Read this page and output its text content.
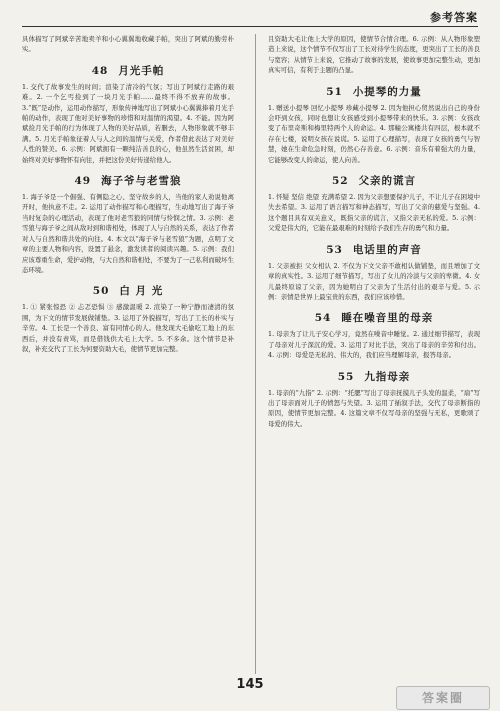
参考答案

具体描写了阿斌辛苦地卖羊和小心翼翼地收藏手帕，突出了阿斌的勤劳朴实。

48 月光手帕

1. 交代了故事发生的时间；渲染了清冷的气氛；写出了阿斌行走路的艰难。2. 一个乞丐捡到了一块月光手帕……最终不得不放弃的故事。3.“既”是动作，运用动作描写，形象传神地写出了阿斌小心翼翼捧着月光手帕的动作，表现了他对美好事物的珍惜和对温情的渴望。4. 不能。因为阿斌捡月光手帕的行为体现了人物的美好品质，若删去，人物形象就不够丰满。5. 月光手帕象征着人与人之间的温情与关爱，作者借此表达了对美好人性的赞美。6. 示例：阿斌拥有一颗纯洁善良的心，他虽然生活贫困，却始终对美好事物怀有向往，并把这份美好传递给他人。

49 海子爷与老雪狼

1. 海子爷是一个倔强、有侧隐之心、坚守故乡的人，当他的家人劝说他离开时，他执意不走。2. 运用了动作描写和心理描写，生动地写出了海子爷当时复杂的心理活动，表现了他对老雪狼的同情与怜悯之情。3. 示例：老雪狼与海子爷之间从敌对到和谐相处，体现了人与自然的关系，表达了作者对人与自然和谐共处的向往。4. 本文以“海子爷与老雪狼”为题，点明了文章的主要人物和内容，设置了悬念，激发读者的阅读兴趣。5. 示例：我们应该尊重生命，爱护动物，与大自然和谐相处，不要为了一己私利而破坏生态环境。

50 白 月 光

1. ① 紧张惊恐 ② 忐忑恐惧 ③ 感激温暖 2. 渲染了一种宁静而凄清的氛围，为下文的情节发展做铺垫。3. 运用了外貌描写，写出了工长的朴实与辛劳。4. 工长是一个善良、富有同情心的人。他发现大毛偷吃工地上的东西后，并没有责骂，而是借钱供大毛上大学。5. 不多余。这个情节是补叙，补充交代了工长为何要资助大毛，使情节更加完整。

且资助大毛让他上大学的原因，使情节合情合理。6. 示例：从人物形象塑造上来说，这个情节不仅写出了工长对待学生的态度，更突出了工长的善良与宽容；从情节上来说，它推动了故事的发展，使故事更加完整生动，更加真实可信，有利于主题的凸显。

51 小提琴的力量

1. 赠送小提琴 回忆小提琴 珍藏小提琴 2. 因为他担心贸然说出自己的身份会吓到女孩，同时也想让女孩感受到小提琴带来的快乐。3. 示例：女孩改变了布里奇斯和梅里特两个人的命运。4. 那幢公寓楼共有四层，根本就不存在七楼，说明女孩在说谎。5. 运用了心理描写，表现了女孩的勇气与智慧，她在生命危急时刻，仍然心存善意。6. 示例：音乐有着强大的力量，它能够改变人的命运，使人向善。

52 父亲的谎言

1. 怀疑 坚信 绝望 充满希望 2. 因为父亲想要保护儿子，不让儿子在困境中失去希望。3. 运用了语言描写和神态描写，写出了父亲的慈爱与坚强。4. 这个题目具有双关意义，既指父亲的谎言，又指父亲无私的爱。5. 示例：父爱是伟大的，它能在最艰难的时刻给予我们生存的勇气和力量。

53 电话里的声音

1. 父亲被拒 父女相认 2. 不仅为下文父亲不敢相认做铺垫，而且增加了文章的真实性。3. 运用了细节描写，写出了女儿的冷淡与父亲的卑微。4. 女儿最终原谅了父亲，因为她明白了父亲为了生活付出的艰辛与爱。5. 示例：亲情是世界上最宝贵的东西，我们应该珍惜。

54 睡在噪音里的母亲

1. 母亲为了让儿子安心学习，竟然在噪音中睡觉。2. 通过细节描写，表现了母亲对儿子深沉的爱。3. 运用了对比手法，突出了母亲的辛劳和付出。4. 示例：母爱是无私的、伟大的，我们应当理解母亲，报答母亲。

55 九指母亲

1. 母亲的“九指” 2. 示例：“托腮”写出了母亲抚摸儿子头发的温柔，“扇”写出了母亲面对儿子的愤怒与失望。3. 运用了插叙手法，交代了母亲断指的原因，使情节更加完整。4. 这篇文章不仅写母亲的坚强与无私，更歌颂了母爱的伟大。

145
答案圈
